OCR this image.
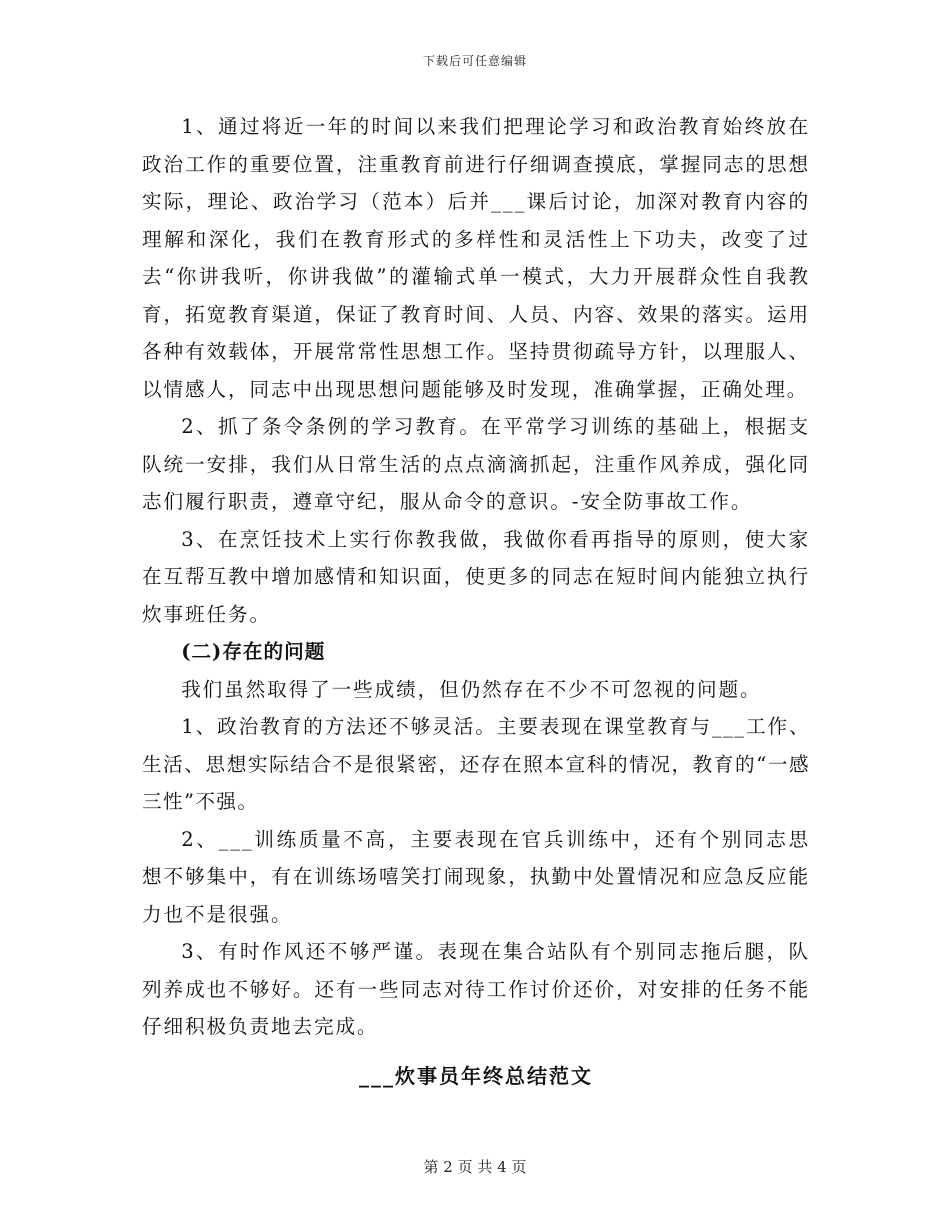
下载后可任意编辑

1、通过将近一年的时间以来我们把理论学习和政治教育始终放在政治工作的重要位置，注重教育前进行仔细调查摸底，掌握同志的思想实际，理论、政治学习（范本）后并___课后讨论，加深对教育内容的理解和深化，我们在教育形式的多样性和灵活性上下功夫，改变了过去“你讲我听，你讲我做”的灌输式单一模式，大力开展群众性自我教育，拓宽教育渠道，保证了教育时间、人员、内容、效果的落实。运用各种有效载体，开展常常性思想工作。坚持贯彻疏导方针，以理服人、以情感人，同志中出现思想问题能够及时发现，准确掌握，正确处理。

2、抓了条令条例的学习教育。在平常学习训练的基础上，根据支队统一安排，我们从日常生活的点点滴滴抓起，注重作风养成，强化同志们履行职责，遵章守纪，服从命令的意识。-安全防事故工作。

3、在烹饪技术上实行你教我做，我做你看再指导的原则，使大家在互帮互教中增加感情和知识面，使更多的同志在短时间内能独立执行炊事班任务。

(二)存在的问题

我们虽然取得了一些成绩，但仍然存在不少不可忽视的问题。

1、政治教育的方法还不够灵活。主要表现在课堂教育与___工作、生活、思想实际结合不是很紧密，还存在照本宣科的情况，教育的“一感三性”不强。

2、___训练质量不高，主要表现在官兵训练中，还有个别同志思想不够集中，有在训练场嘻笑打闹现象，执勤中处置情况和应急反应能力也不是很强。

3、有时作风还不够严谨。表现在集合站队有个别同志拖后腿，队列养成也不够好。还有一些同志对待工作讨价还价，对安排的任务不能仔细积极负责地去完成。

___炊事员年终总结范文

第 2 页 共 4 页
